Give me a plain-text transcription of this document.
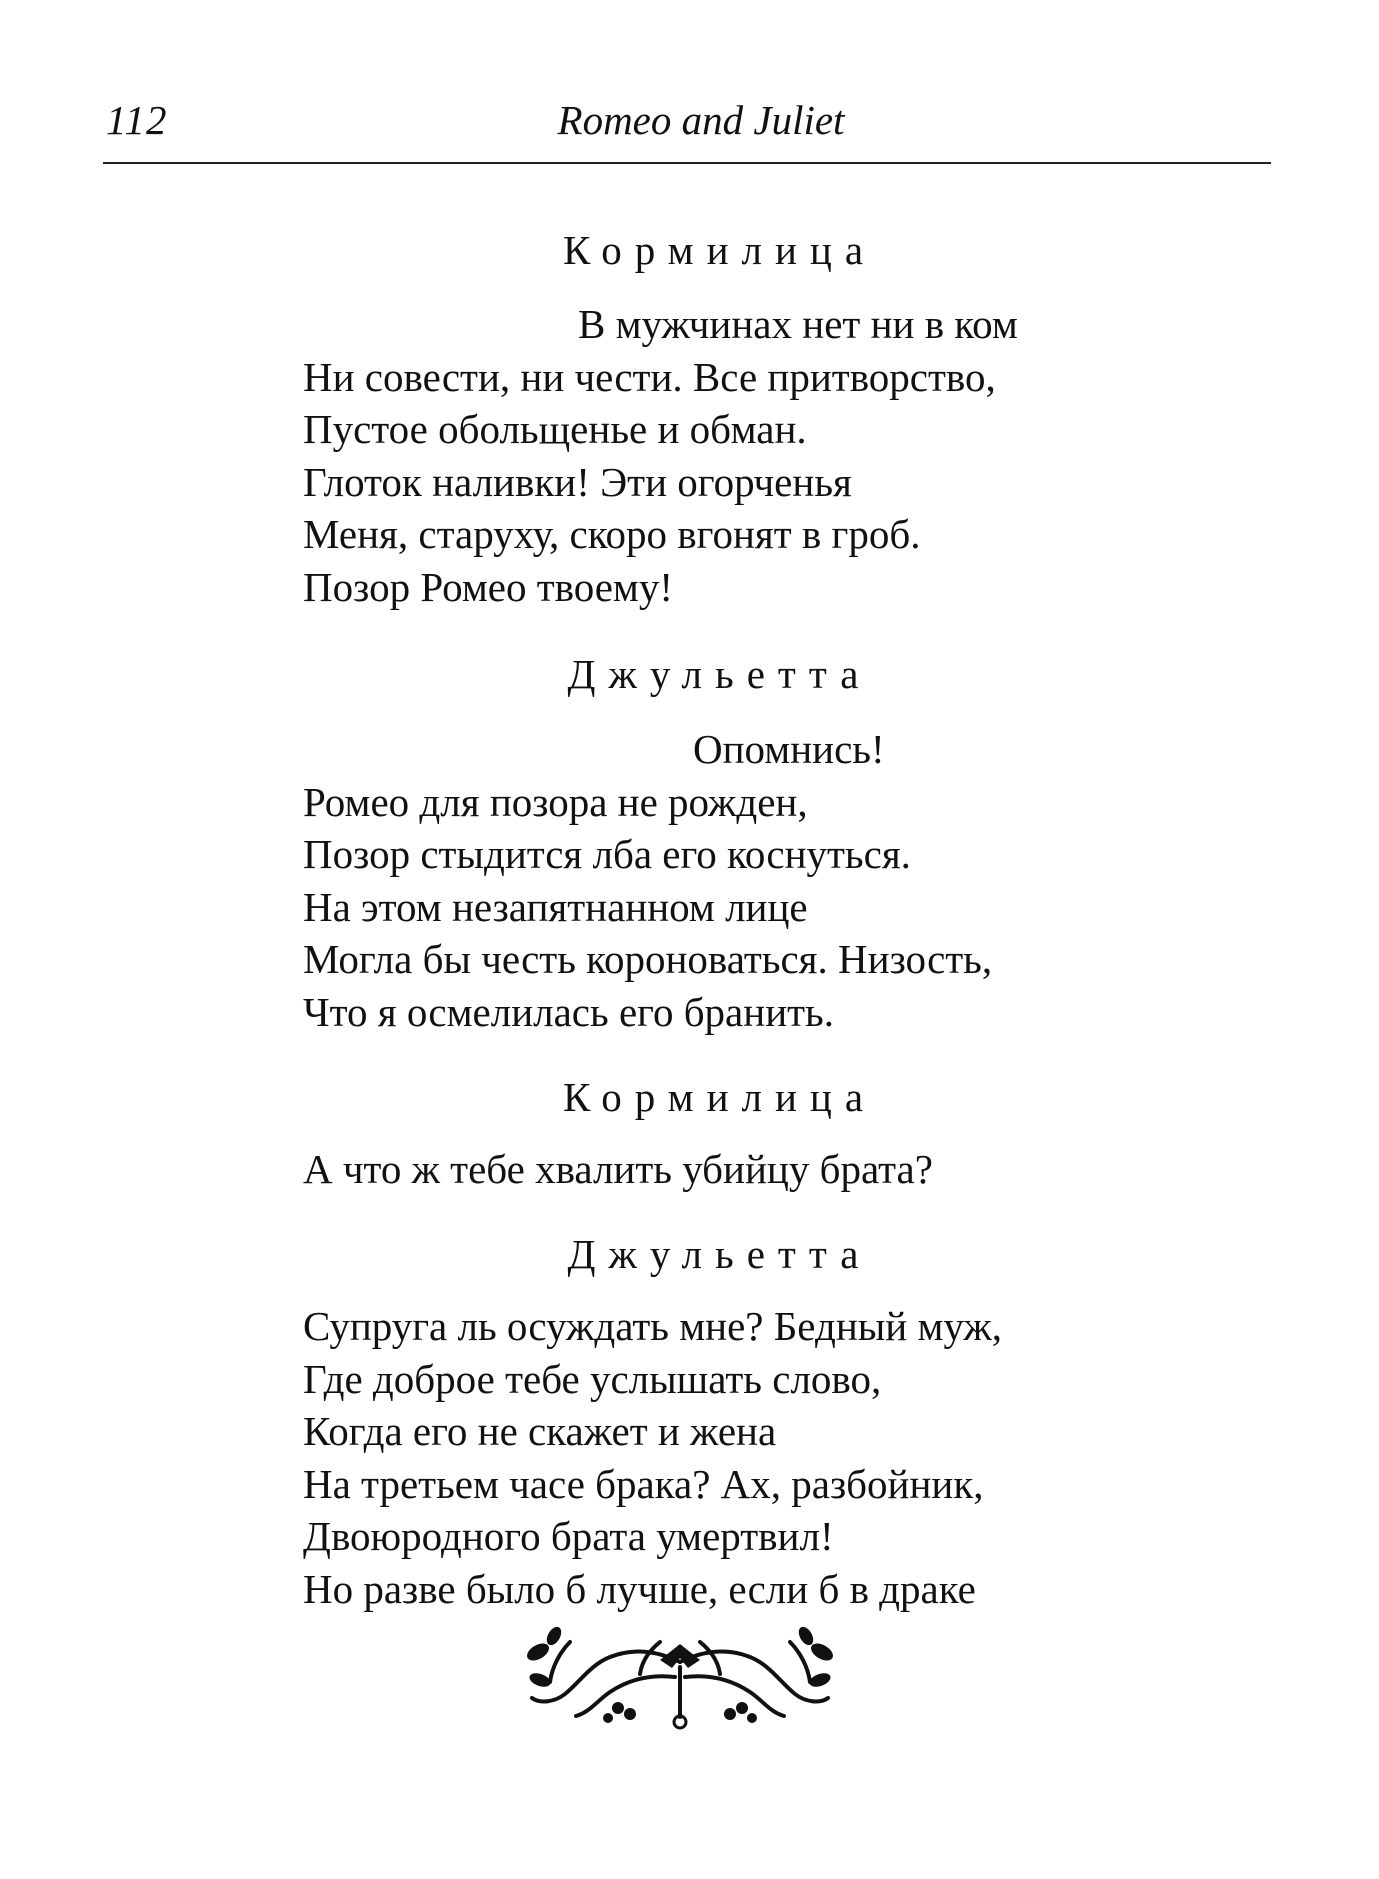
112	Romeo and Juliet
Кормилица
В мужчинах нет ни в ком
Ни совести, ни чести. Все притворство,
Пустое обольщенье и обман.
Глоток наливки! Эти огорченья
Меня, старуху, скоро вгонят в гроб.
Позор Ромео твоему!
Джульетта
Опомнись!
Ромео для позора не рожден,
Позор стыдится лба его коснуться.
На этом незапятнанном лице
Могла бы честь короноваться. Низость,
Что я осмелилась его бранить.
Кормилица
А что ж тебе хвалить убийцу брата?
Джульетта
Супруга ль осуждать мне? Бедный муж,
Где доброе тебе услышать слово,
Когда его не скажет и жена
На третьем часе брака? Ах, разбойник,
Двоюродного брата умертвил!
Но разве было б лучше, если б в драке
